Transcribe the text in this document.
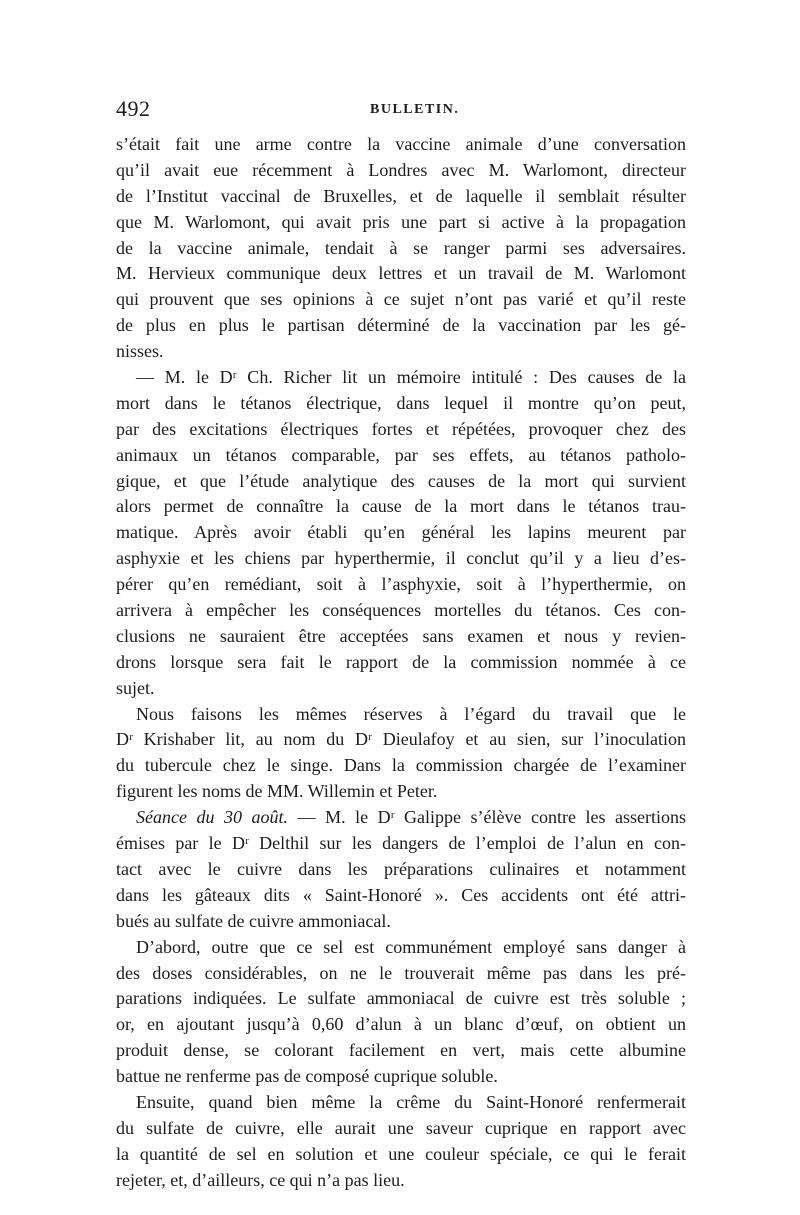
492	BULLETIN.
s’était fait une arme contre la vaccine animale d’une conversation
qu’il avait eue récemment à Londres avec M. Warlomont, directeur
de l’Institut vaccinal de Bruxelles, et de laquelle il semblait résulter
que M. Warlomont, qui avait pris une part si active à la propagation
de la vaccine animale, tendait à se ranger parmi ses adversaires.
M. Hervieux communique deux lettres et un travail de M. Warlomont
qui prouvent que ses opinions à ce sujet n’ont pas varié et qu’il reste
de plus en plus le partisan déterminé de la vaccination par les gé-
nisses.
— M. le Dʳ Ch. Richer lit un mémoire intitulé : Des causes de la
mort dans le tétanos électrique, dans lequel il montre qu’on peut,
par des excitations électriques fortes et répétées, provoquer chez des
animaux un tétanos comparable, par ses effets, au tétanos patholo-
gique, et que l’étude analytique des causes de la mort qui survient
alors permet de connaître la cause de la mort dans le tétanos trau-
matique. Après avoir établi qu’en général les lapins meurent par
asphyxie et les chiens par hyperthermie, il conclut qu’il y a lieu d’es-
pérer qu’en remédiant, soit à l’asphyxie, soit à l’hyperthermie, on
arrivera à empêcher les conséquences mortelles du tétanos. Ces con-
clusions ne sauraient être acceptées sans examen et nous y revien-
drons lorsque sera fait le rapport de la commission nommée à ce
sujet.
Nous faisons les mêmes réserves à l’égard du travail que le
Dʳ Krishaber lit, au nom du Dʳ Dieulafoy et au sien, sur l’inoculation
du tubercule chez le singe. Dans la commission chargée de l’examiner
figurent les noms de MM. Willemin et Peter.
Séance du 30 août. — M. le Dʳ Galippe s’élève contre les assertions
émises par le Dʳ Delthil sur les dangers de l’emploi de l’alun en con-
tact avec le cuivre dans les préparations culinaires et notamment
dans les gâteaux dits « Saint-Honoré ». Ces accidents ont été attri-
bués au sulfate de cuivre ammoniacal.
D’abord, outre que ce sel est communément employé sans danger à
des doses considérables, on ne le trouverait même pas dans les pré-
parations indiquées. Le sulfate ammoniacal de cuivre est très soluble ;
or, en ajoutant jusqu’à 0,60 d’alun à un blanc d’œuf, on obtient un
produit dense, se colorant facilement en vert, mais cette albumine
battue ne renferme pas de composé cuprique soluble.
Ensuite, quand bien même la crême du Saint-Honoré renfermerait
du sulfate de cuivre, elle aurait une saveur cuprique en rapport avec
la quantité de sel en solution et une couleur spéciale, ce qui le ferait
rejeter, et, d’ailleurs, ce qui n’a pas lieu.
